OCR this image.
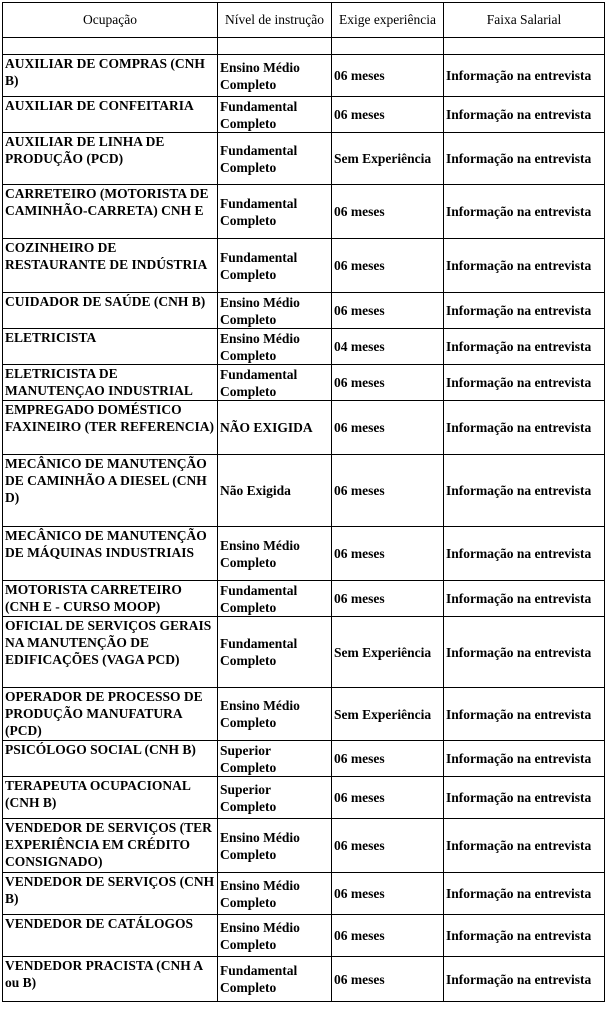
Ocupação	Nível de instrução	Exige experiência	Faixa Salarial

AUXILIAR DE COMPRAS (CNH B)	Ensino Médio Completo	06 meses	Informação na entrevista
AUXILIAR DE CONFEITARIA	Fundamental Completo	06 meses	Informação na entrevista
AUXILIAR DE LINHA DE PRODUÇÃO (PCD)	Fundamental Completo	Sem Experiência	Informação na entrevista
CARRETEIRO (MOTORISTA DE CAMINHÃO-CARRETA) CNH E	Fundamental Completo	06 meses	Informação na entrevista
COZINHEIRO DE RESTAURANTE DE INDÚSTRIA	Fundamental Completo	06 meses	Informação na entrevista
CUIDADOR DE SAÚDE (CNH B)	Ensino Médio Completo	06 meses	Informação na entrevista
ELETRICISTA	Ensino Médio Completo	04 meses	Informação na entrevista
ELETRICISTA DE MANUTENÇAO INDUSTRIAL	Fundamental Completo	06 meses	Informação na entrevista
EMPREGADO DOMÉSTICO FAXINEIRO (TER REFERENCIA)	NÃO EXIGIDA	06 meses	Informação na entrevista
MECÂNICO DE MANUTENÇÃO DE CAMINHÃO A DIESEL (CNH D)	Não Exigida	06 meses	Informação na entrevista
MECÂNICO DE MANUTENÇÃO DE MÁQUINAS INDUSTRIAIS	Ensino Médio Completo	06 meses	Informação na entrevista
MOTORISTA CARRETEIRO (CNH E - CURSO MOOP)	Fundamental Completo	06 meses	Informação na entrevista
OFICIAL DE SERVIÇOS GERAIS NA MANUTENÇÃO DE EDIFICAÇÕES (VAGA PCD)	Fundamental Completo	Sem Experiência	Informação na entrevista
OPERADOR DE PROCESSO DE PRODUÇÃO MANUFATURA (PCD)	Ensino Médio Completo	Sem Experiência	Informação na entrevista
PSICÓLOGO SOCIAL (CNH B)	Superior Completo	06 meses	Informação na entrevista
TERAPEUTA OCUPACIONAL (CNH B)	Superior Completo	06 meses	Informação na entrevista
VENDEDOR DE SERVIÇOS (TER EXPERIÊNCIA EM CRÉDITO CONSIGNADO)	Ensino Médio Completo	06 meses	Informação na entrevista
VENDEDOR DE SERVIÇOS (CNH B)	Ensino Médio Completo	06 meses	Informação na entrevista
VENDEDOR DE CATÁLOGOS	Ensino Médio Completo	06 meses	Informação na entrevista
VENDEDOR PRACISTA (CNH A ou B)	Fundamental Completo	06 meses	Informação na entrevista
